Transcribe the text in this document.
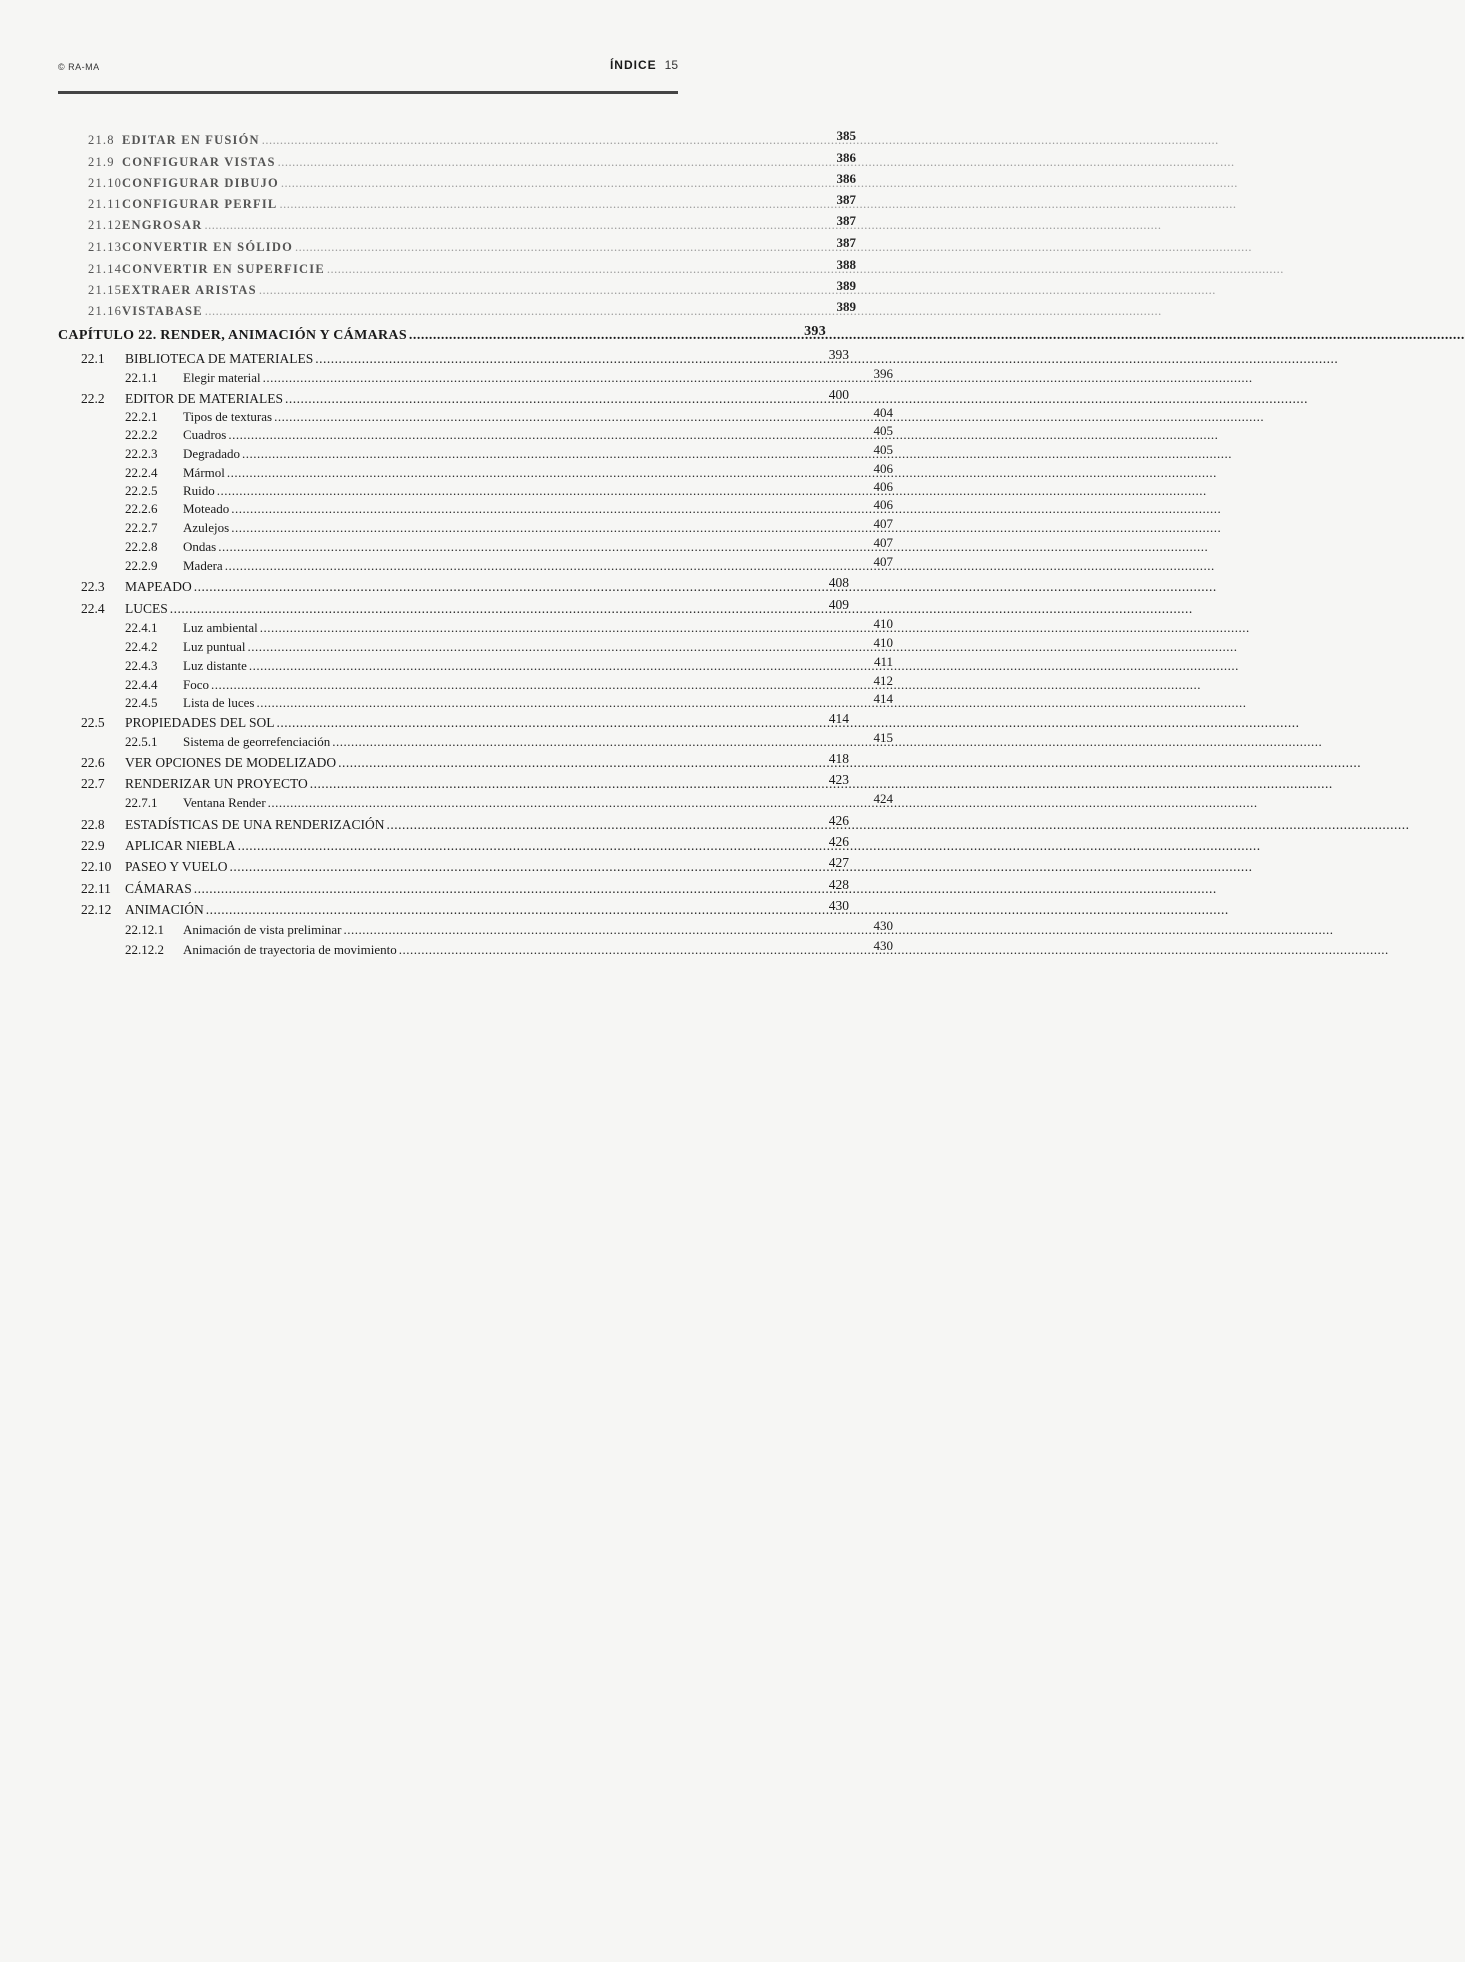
© RA-MA	ÍNDICE 15
21.8 EDITAR EN FUSIÓN .....	385
21.9 CONFIGURAR VISTAS .....	386
21.10 CONFIGURAR DIBUJO .....	386
21.11 CONFIGURAR PERFIL .....	387
21.12 ENGROSAR .....	387
21.13 CONVERTIR EN SÓLIDO .....	387
21.14 CONVERTIR EN SUPERFICIE .....	388
21.15 EXTRAER ARISTAS .....	389
21.16 VISTABASE .....	389
CAPÍTULO 22. RENDER, ANIMACIÓN Y CÁMARAS .....	393
22.1	BIBLIOTECA DE MATERIALES .....	393
22.1.1	Elegir material .....	396
22.2	EDITOR DE MATERIALES .....	400
22.2.1	Tipos de texturas .....	404
22.2.2	Cuadros .....	405
22.2.3	Degradado .....	405
22.2.4	Mármol .....	406
22.2.5	Ruido .....	406
22.2.6	Moteado .....	406
22.2.7	Azulejos .....	407
22.2.8	Ondas .....	407
22.2.9	Madera .....	407
22.3	MAPEADO .....	408
22.4	LUCES .....	409
22.4.1	Luz ambiental .....	410
22.4.2	Luz puntual .....	410
22.4.3	Luz distante .....	411
22.4.4	Foco .....	412
22.4.5	Lista de luces .....	414
22.5	PROPIEDADES DEL SOL .....	414
22.5.1	Sistema de georrefenciación .....	415
22.6	VER OPCIONES DE MODELIZADO .....	418
22.7	RENDERIZAR UN PROYECTO .....	423
22.7.1	Ventana Render .....	424
22.8	ESTADÍSTICAS DE UNA RENDERIZACIÓN .....	426
22.9	APLICAR NIEBLA .....	426
22.10	PASEO Y VUELO .....	427
22.11	CÁMARAS .....	428
22.12	ANIMACIÓN .....	430
22.12.1	Animación de vista preliminar .....	430
22.12.2	Animación de trayectoria de movimiento .....	430
